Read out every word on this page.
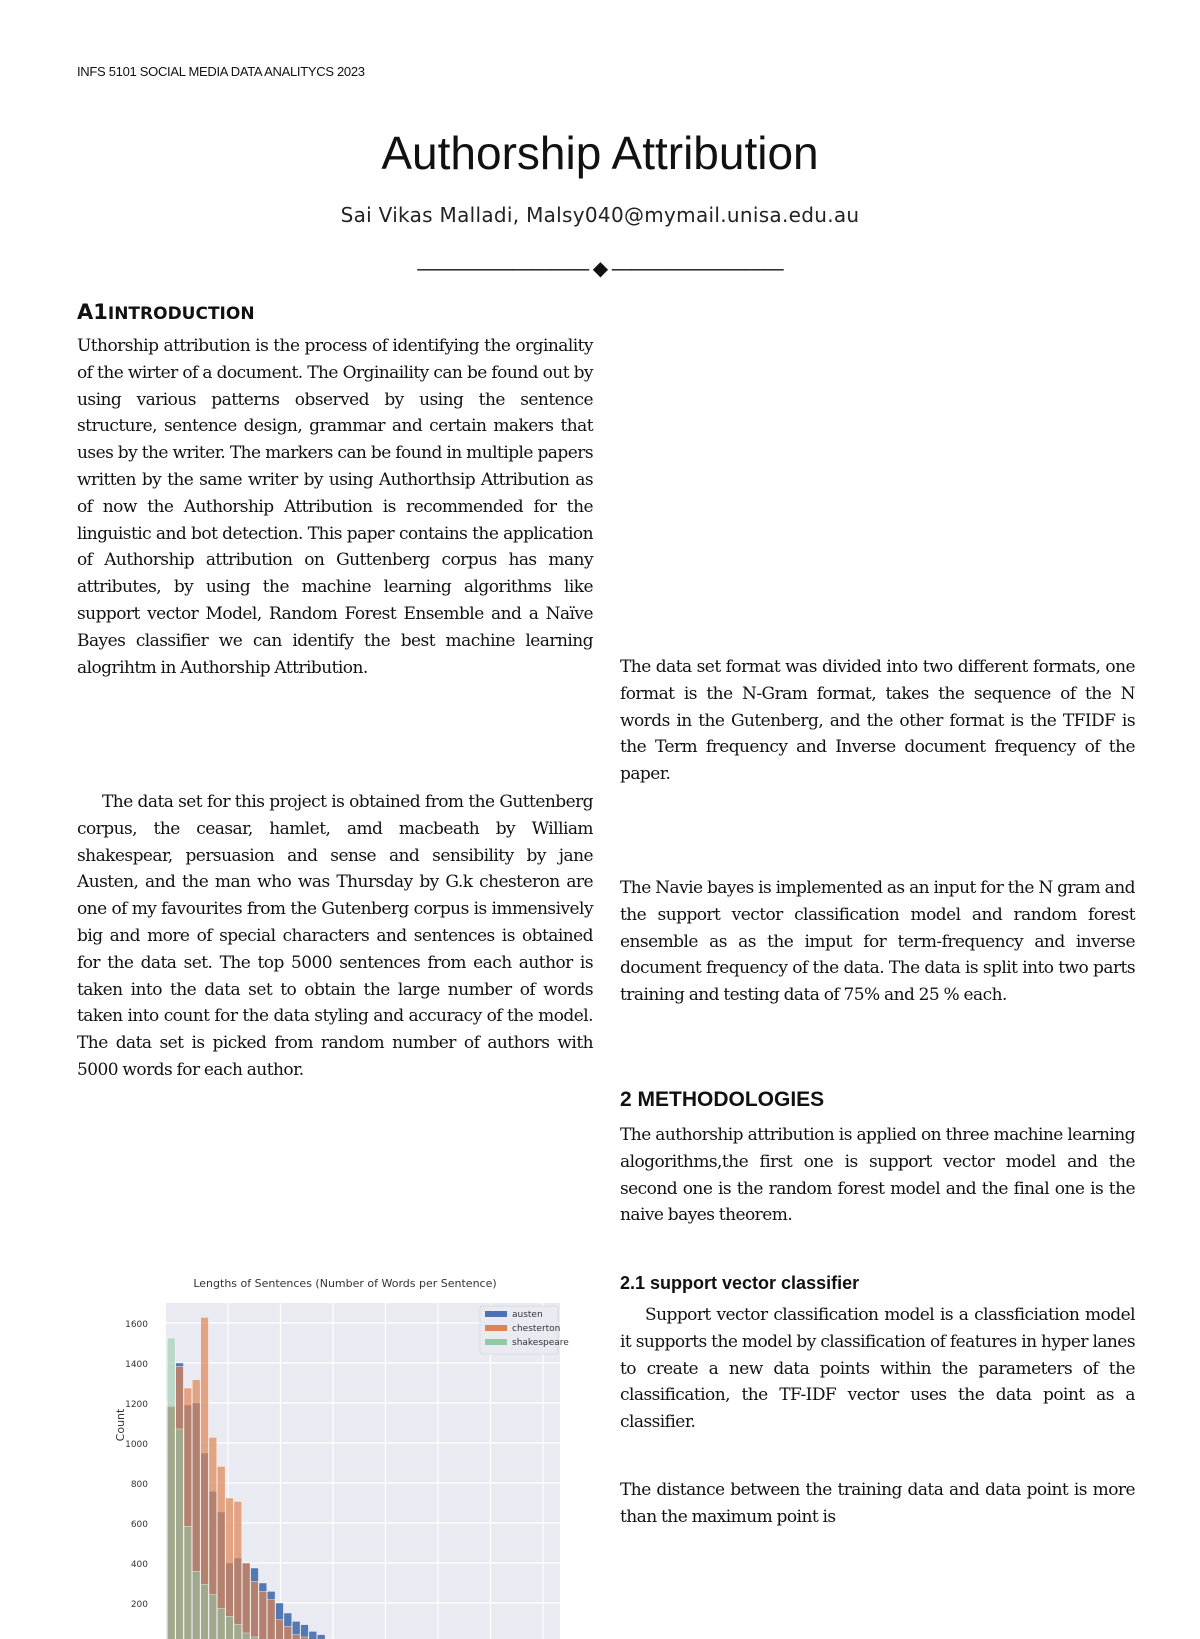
INFS 5101 SOCIAL MEDIA DATA ANALITYCS 2023
Authorship Attribution
Sai Vikas Malladi, Malsy040@mymail.unisa.edu.au
————————— ◆ —————————
A1INTRODUCTION
Uthorship attribution is the process of identifying the orginality of the wirter of a document. The Orginaility can be found out by using various patterns observed by using the sentence structure, sentence design, grammar and certain makers that uses by the writer. The markers can be found in multiple papers written by the same writer by using Authorthsip Attribution as of now the Authorship Attribution is recommended for the linguistic and bot detection. This paper contains the application of Authorship attribution on Guttenberg corpus has many attributes, by using the machine learning algorithms like support vector Model, Random Forest Ensemble and a Naïve Bayes classifier we can identify the best machine learning alogrihtm in Authorship Attribution.
The data set for this project is obtained from the Guttenberg corpus, the ceasar, hamlet, amd macbeath by William shakespear, persuasion and sense and sensibility by jane Austen, and the man who was Thursday by G.k chesteron are one of my favourites from the Gutenberg corpus is immensively big and more of special characters and sentences is obtained for the data set. The top 5000 sentences from each author is taken into the data set to obtain the large number of words taken into count for the data styling and accuracy of the model. The data set is picked from random number of authors with 5000 words for each author.
The data set format was divided into two different formats, one format is the N-Gram format, takes the sequence of the N words in the Gutenberg, and the other format is the TFIDF is the Term frequency and Inverse document frequency of the paper.
The Navie bayes is implemented as an input for the N gram and the support vector classification model and random forest ensemble as as the imput for term-frequency and inverse document frequency of the data. The data is split into two parts training and testing data of 75% and 25 % each.
2 METHODOLOGIES
The authorship attribution is applied on three machine learning alogorithms,the first one is support vector model and the second one is the random forest model and the final one is the naive bayes theorem.
2.1 support vector classifier
Support vector classification model is a classficiation model it supports the model by classification of features in hyper lanes to create a new data points within the parameters of the classification, the TF-IDF vector uses the data point as a classifier.
The distance between the training data and data point is more than the maximum point is
1600
1400
1200
1000
800
600
400
200
Lengths of Sentences (Number of Words per Sentence)
Count
austen
chesterton
shakespeare
